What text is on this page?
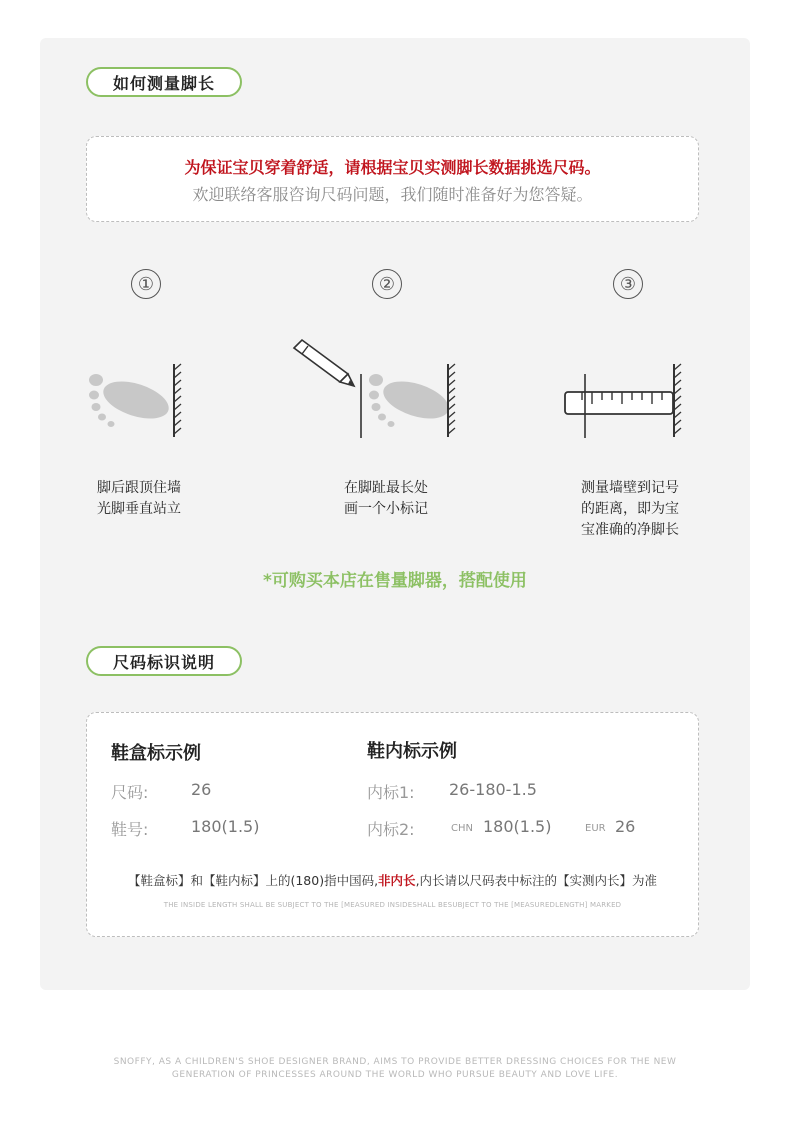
如何测量脚长
为保证宝贝穿着舒适，请根据宝贝实测脚长数据挑选尺码。
欢迎联络客服咨询尺码问题，我们随时准备好为您答疑。
①	②	③
脚后跟顶住墙
光脚垂直站立
在脚趾最长处
画一个小标记
测量墙壁到记号
的距离，即为宝
宝准确的净脚长
*可购买本店在售量脚器，搭配使用
尺码标识说明
鞋盒标示例
尺码:	26
鞋号:	180(1.5)
鞋内标示例
内标1: 26-180-1.5
内标2:	CHN 180(1.5)	EUR 26
【鞋盒标】和【鞋内标】上的(180)指中国码,非内长,内长请以尺码表中标注的【实测内长】为准
THE INSIDE LENGTH SHALL BE SUBJECT TO THE [MEASURED INSIDESHALL BESUBJECT TO THE [MEASUREDLENGTH] MARKED
SNOFFY, AS A CHILDREN'S SHOE DESIGNER BRAND, AIMS TO PROVIDE BETTER DRESSING CHOICES FOR THE NEW
GENERATION OF PRINCESSES AROUND THE WORLD WHO PURSUE BEAUTY AND LOVE LIFE.
